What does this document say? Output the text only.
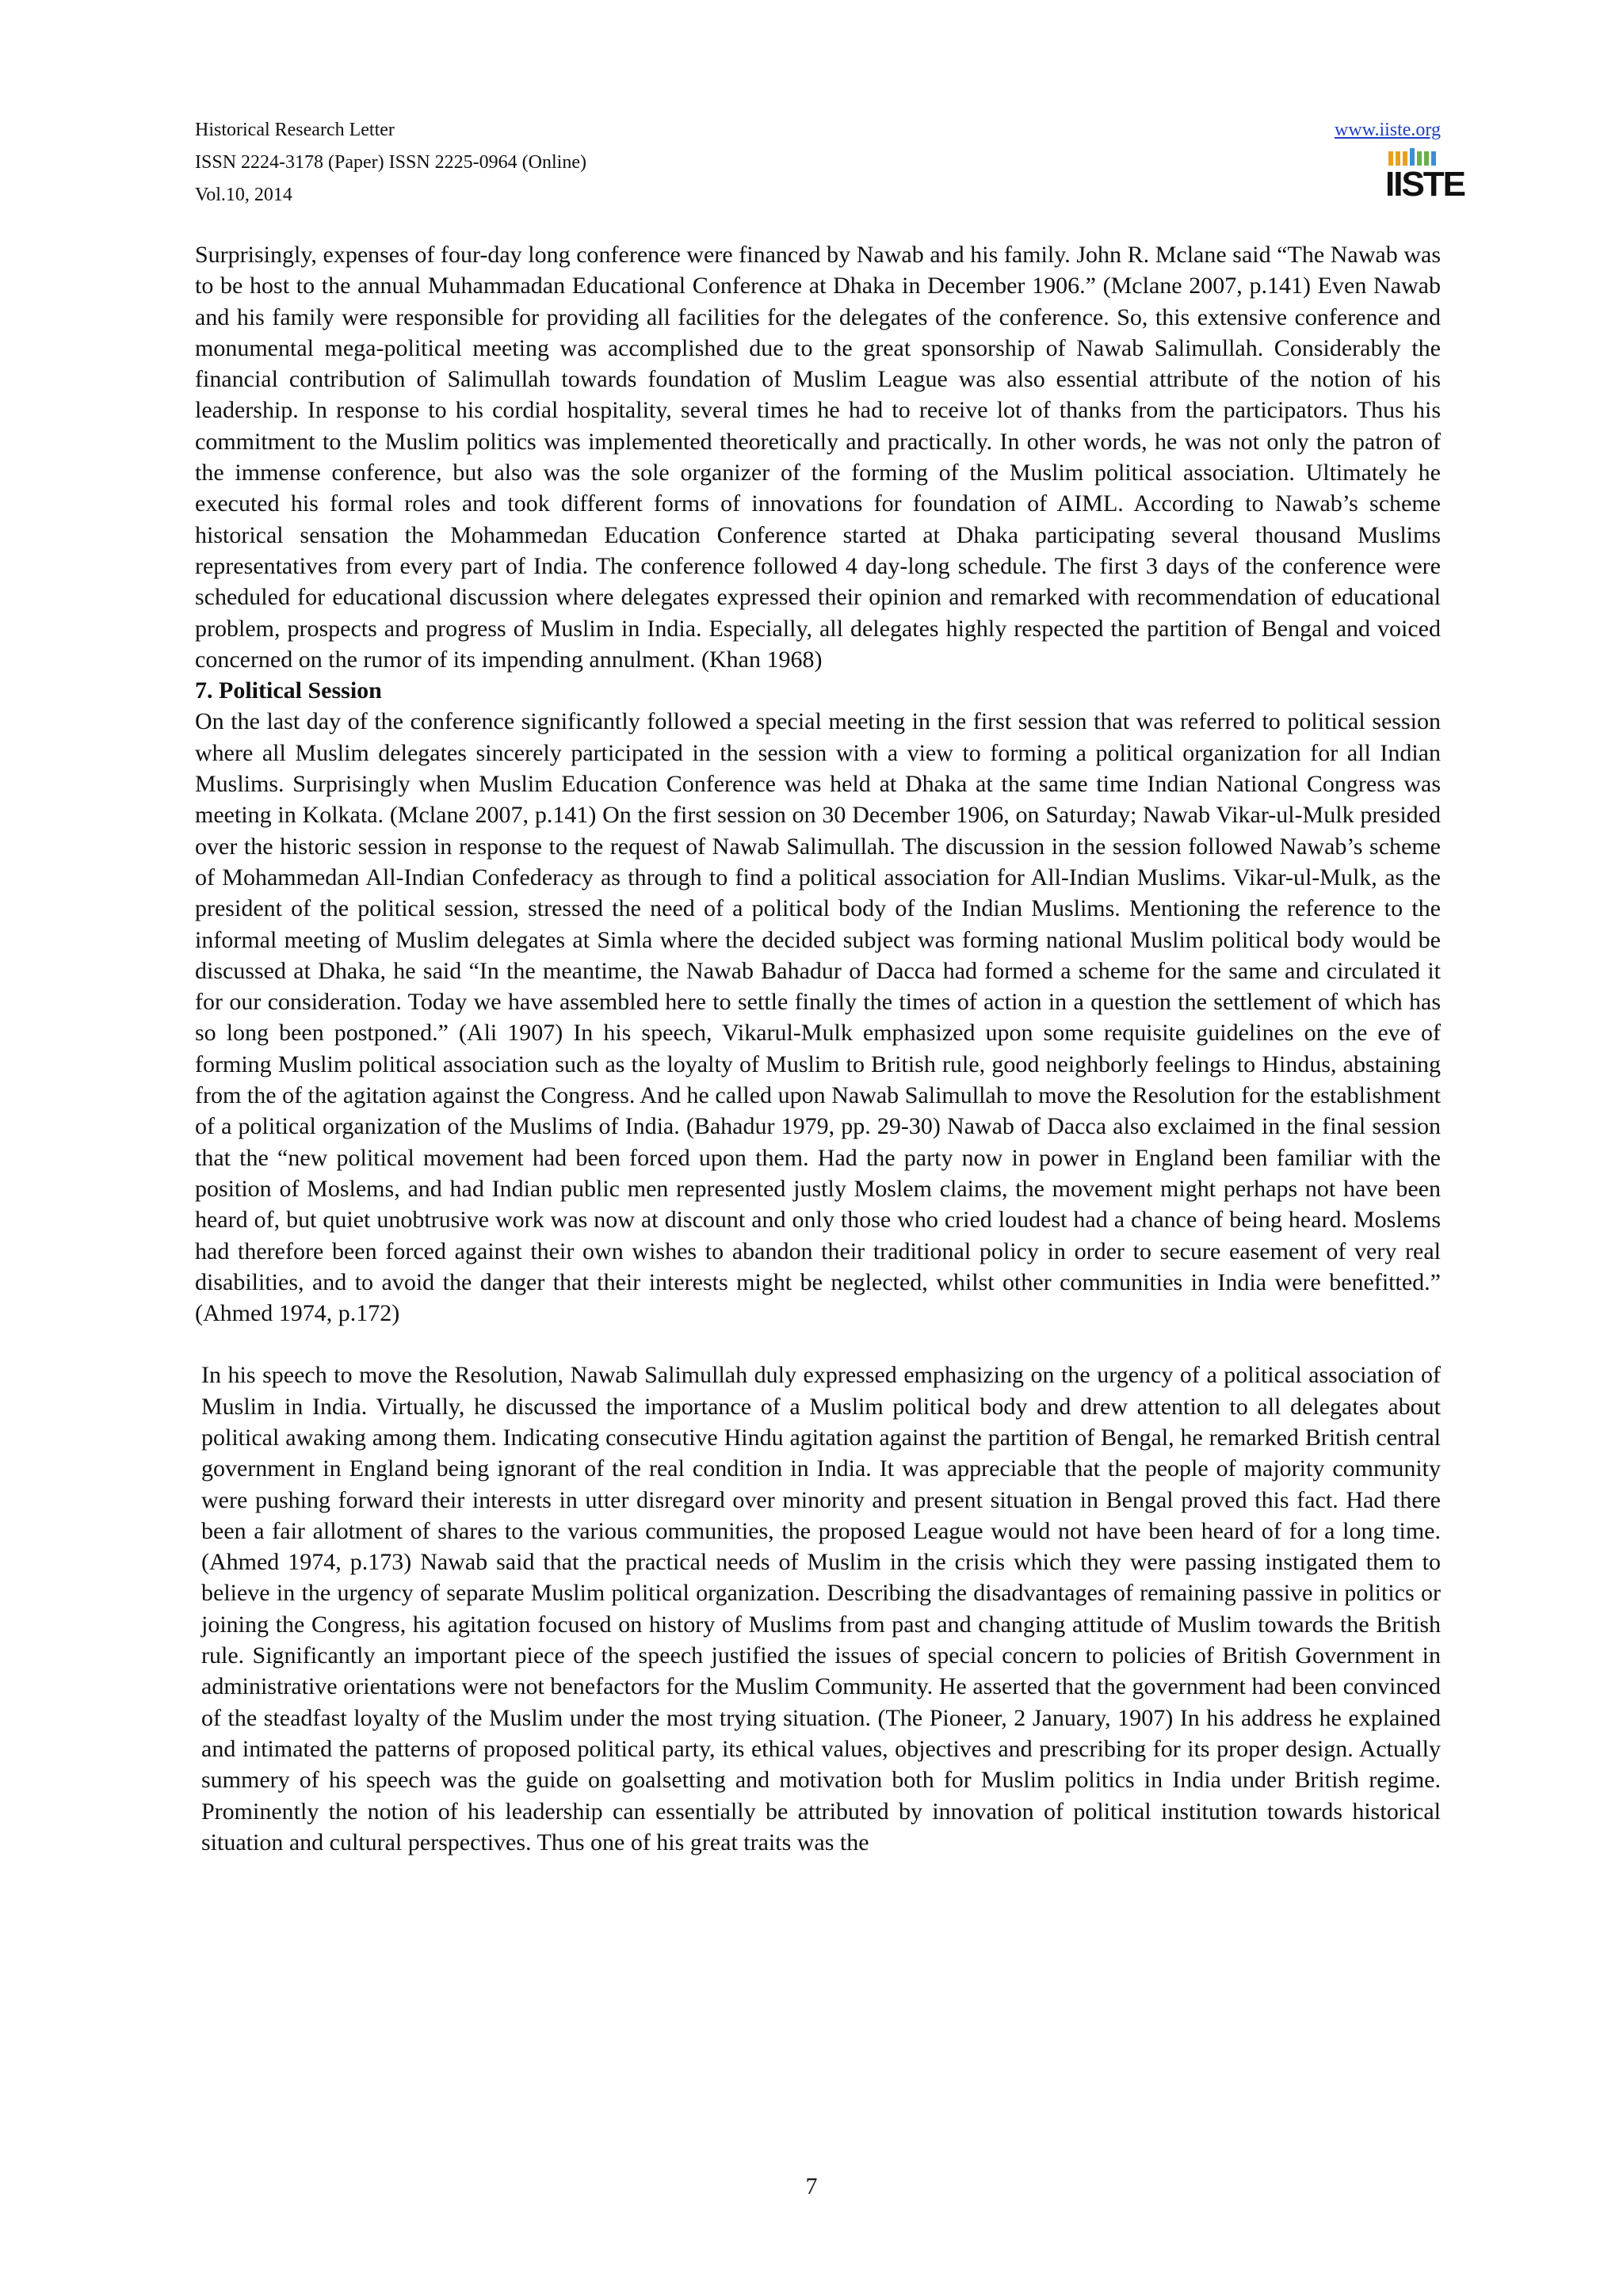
Historical Research Letter
ISSN 2224-3178 (Paper) ISSN 2225-0964 (Online)
Vol.10, 2014
www.iiste.org
IISTE

Surprisingly, expenses of four-day long conference were financed by Nawab and his family. John R. Mclane said “The Nawab was to be host to the annual Muhammadan Educational Conference at Dhaka in December 1906.” (Mclane 2007, p.141) Even Nawab and his family were responsible for providing all facilities for the delegates of the conference. So, this extensive conference and monumental mega-political meeting was accomplished due to the great sponsorship of Nawab Salimullah. Considerably the financial contribution of Salimullah towards foundation of Muslim League was also essential attribute of the notion of his leadership. In response to his cordial hospitality, several times he had to receive lot of thanks from the participators. Thus his commitment to the Muslim politics was implemented theoretically and practically. In other words, he was not only the patron of the immense conference, but also was the sole organizer of the forming of the Muslim political association. Ultimately he executed his formal roles and took different forms of innovations for foundation of AIML. According to Nawab’s scheme historical sensation the Mohammedan Education Conference started at Dhaka participating several thousand Muslims representatives from every part of India. The conference followed 4 day-long schedule. The first 3 days of the conference were scheduled for educational discussion where delegates expressed their opinion and remarked with recommendation of educational problem, prospects and progress of Muslim in India. Especially, all delegates highly respected the partition of Bengal and voiced concerned on the rumor of its impending annulment. (Khan 1968)

7. Political Session

On the last day of the conference significantly followed a special meeting in the first session that was referred to political session where all Muslim delegates sincerely participated in the session with a view to forming a political organization for all Indian Muslims. Surprisingly when Muslim Education Conference was held at Dhaka at the same time Indian National Congress was meeting in Kolkata. (Mclane 2007, p.141) On the first session on 30 December 1906, on Saturday; Nawab Vikar-ul-Mulk presided over the historic session in response to the request of Nawab Salimullah. The discussion in the session followed Nawab’s scheme of Mohammedan All-Indian Confederacy as through to find a political association for All-Indian Muslims. Vikar-ul-Mulk, as the president of the political session, stressed the need of a political body of the Indian Muslims. Mentioning the reference to the informal meeting of Muslim delegates at Simla where the decided subject was forming national Muslim political body would be discussed at Dhaka, he said “In the meantime, the Nawab Bahadur of Dacca had formed a scheme for the same and circulated it for our consideration. Today we have assembled here to settle finally the times of action in a question the settlement of which has so long been postponed.” (Ali 1907) In his speech, Vikarul-Mulk emphasized upon some requisite guidelines on the eve of forming Muslim political association such as the loyalty of Muslim to British rule, good neighborly feelings to Hindus, abstaining from the of the agitation against the Congress. And he called upon Nawab Salimullah to move the Resolution for the establishment of a political organization of the Muslims of India. (Bahadur 1979, pp. 29-30) Nawab of Dacca also exclaimed in the final session that the “new political movement had been forced upon them. Had the party now in power in England been familiar with the position of Moslems, and had Indian public men represented justly Moslem claims, the movement might perhaps not have been heard of, but quiet unobtrusive work was now at discount and only those who cried loudest had a chance of being heard. Moslems had therefore been forced against their own wishes to abandon their traditional policy in order to secure easement of very real disabilities, and to avoid the danger that their interests might be neglected, whilst other communities in India were benefitted.” (Ahmed 1974, p.172)

In his speech to move the Resolution, Nawab Salimullah duly expressed emphasizing on the urgency of a political association of Muslim in India. Virtually, he discussed the importance of a Muslim political body and drew attention to all delegates about political awaking among them. Indicating consecutive Hindu agitation against the partition of Bengal, he remarked British central government in England being ignorant of the real condition in India. It was appreciable that the people of majority community were pushing forward their interests in utter disregard over minority and present situation in Bengal proved this fact. Had there been a fair allotment of shares to the various communities, the proposed League would not have been heard of for a long time. (Ahmed 1974, p.173) Nawab said that the practical needs of Muslim in the crisis which they were passing instigated them to believe in the urgency of separate Muslim political organization. Describing the disadvantages of remaining passive in politics or joining the Congress, his agitation focused on history of Muslims from past and changing attitude of Muslim towards the British rule. Significantly an important piece of the speech justified the issues of special concern to policies of British Government in administrative orientations were not benefactors for the Muslim Community. He asserted that the government had been convinced of the steadfast loyalty of the Muslim under the most trying situation. (The Pioneer, 2 January, 1907) In his address he explained and intimated the patterns of proposed political party, its ethical values, objectives and prescribing for its proper design. Actually summery of his speech was the guide on goalsetting and motivation both for Muslim politics in India under British regime. Prominently the notion of his leadership can essentially be attributed by innovation of political institution towards historical situation and cultural perspectives. Thus one of his great traits was the

7
